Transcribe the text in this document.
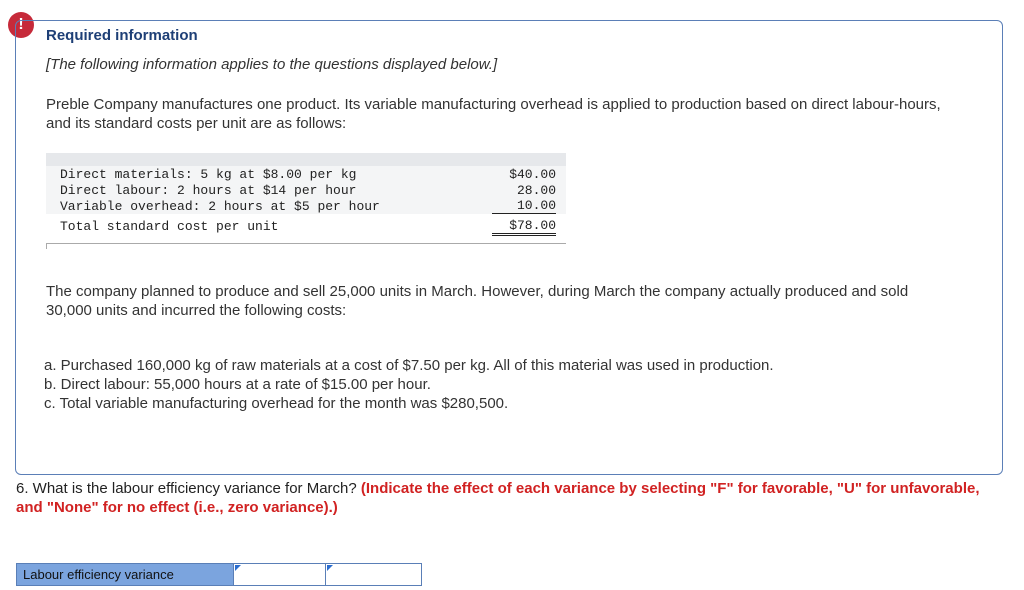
!
Required information
[The following information applies to the questions displayed below.]
Preble Company manufactures one product. Its variable manufacturing overhead is applied to production based on direct labour-hours, and its standard costs per unit are as follows:
Direct materials: 5 kg at $8.00 per kg	$40.00
Direct labour: 2 hours at $14 per hour	28.00
Variable overhead: 2 hours at $5 per hour	10.00
Total standard cost per unit	$78.00
The company planned to produce and sell 25,000 units in March. However, during March the company actually produced and sold 30,000 units and incurred the following costs:
a. Purchased 160,000 kg of raw materials at a cost of $7.50 per kg. All of this material was used in production.
b. Direct labour: 55,000 hours at a rate of $15.00 per hour.
c. Total variable manufacturing overhead for the month was $280,500.
6. What is the labour efficiency variance for March? (Indicate the effect of each variance by selecting "F" for favorable, "U" for unfavorable, and "None" for no effect (i.e., zero variance).)
Labour efficiency variance
